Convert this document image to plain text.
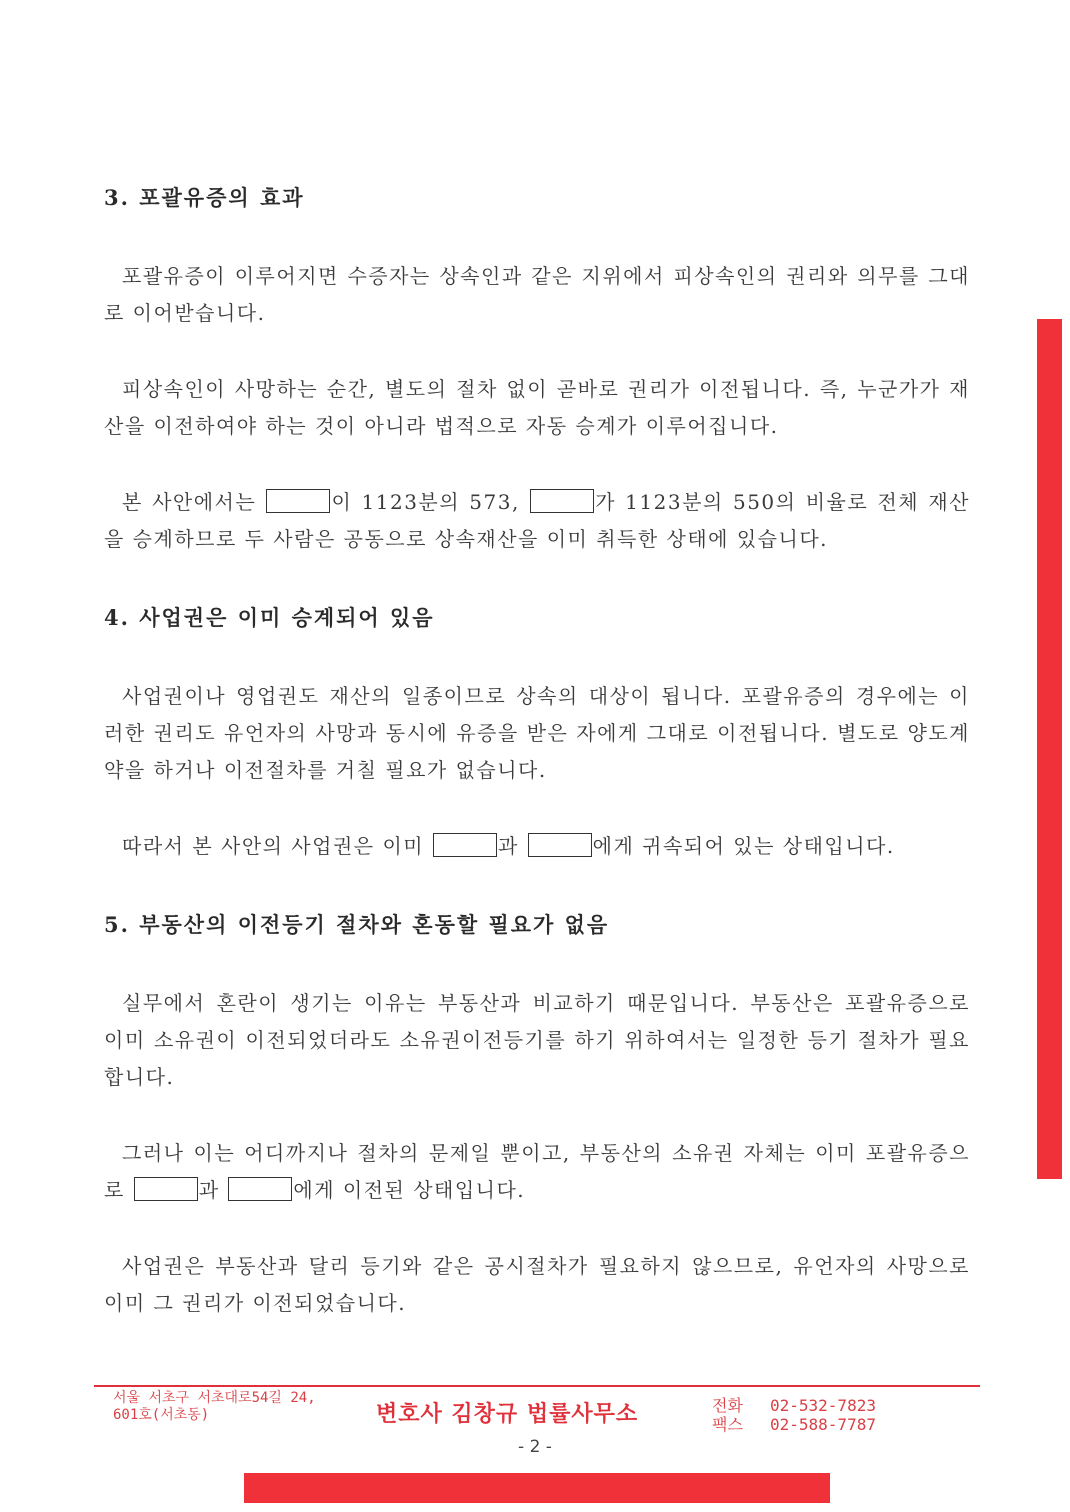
3. 포괄유증의 효과

포괄유증이 이루어지면 수증자는 상속인과 같은 지위에서 피상속인의 권리와 의무를 그대로 이어받습니다.

피상속인이 사망하는 순간, 별도의 절차 없이 곧바로 권리가 이전됩니다. 즉, 누군가가 재산을 이전하여야 하는 것이 아니라 법적으로 자동 승계가 이루어집니다.

본 사안에서는	이 1123분의 573,	가 1123분의 550의 비율로 전체 재산을 승계하므로 두 사람은 공동으로 상속재산을 이미 취득한 상태에 있습니다.

4. 사업권은 이미 승계되어 있음

사업권이나 영업권도 재산의 일종이므로 상속의 대상이 됩니다. 포괄유증의 경우에는 이러한 권리도 유언자의 사망과 동시에 유증을 받은 자에게 그대로 이전됩니다. 별도로 양도계약을 하거나 이전절차를 거칠 필요가 없습니다.

따라서 본 사안의 사업권은 이미	과	에게 귀속되어 있는 상태입니다.

5. 부동산의 이전등기 절차와 혼동할 필요가 없음

실무에서 혼란이 생기는 이유는 부동산과 비교하기 때문입니다. 부동산은 포괄유증으로 이미 소유권이 이전되었더라도 소유권이전등기를 하기 위하여서는 일정한 등기 절차가 필요합니다.

그러나 이는 어디까지나 절차의 문제일 뿐이고, 부동산의 소유권 자체는 이미 포괄유증으로	과	에게 이전된 상태입니다.

사업권은 부동산과 달리 등기와 같은 공시절차가 필요하지 않으므로, 유언자의 사망으로 이미 그 권리가 이전되었습니다.

서울 서초구 서초대로54길 24,
601호(서초동)	변호사 김창규 법률사무소	전화 02-532-7823
팩스 02-588-7787
- 2 -
